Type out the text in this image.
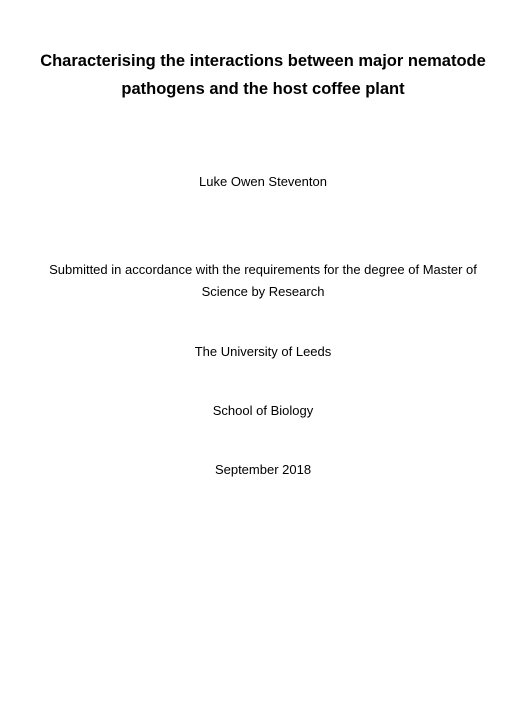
Characterising the interactions between major nematode
pathogens and the host coffee plant
Luke Owen Steventon
Submitted in accordance with the requirements for the degree of Master of
Science by Research
The University of Leeds
School of Biology
September 2018
